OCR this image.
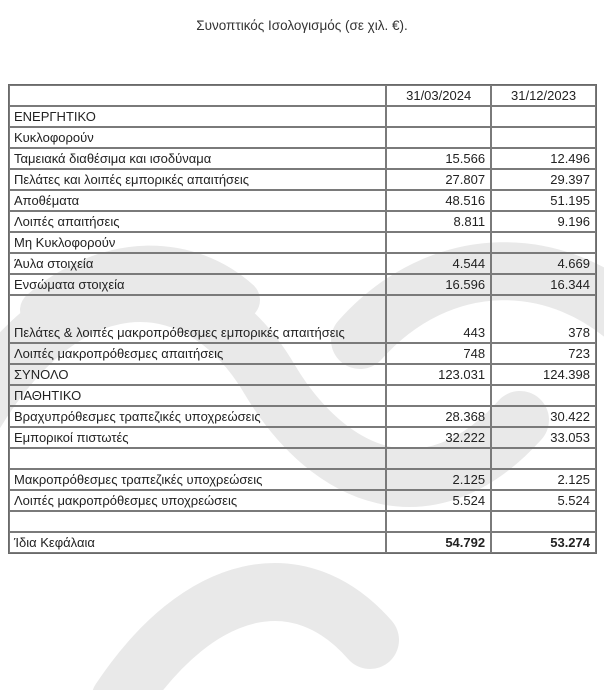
Συνοπτικός Ισολογισμός (σε χιλ. €).
	31/03/2024	31/12/2023
ΕΝΕΡΓΗΤΙΚΟ		
Κυκλοφορούν		
Ταμειακά διαθέσιμα και ισοδύναμα	15.566	12.496
Πελάτες και λοιπές εμπορικές απαιτήσεις	27.807	29.397
Αποθέματα	48.516	51.195
Λοιπές απαιτήσεις	8.811	9.196
Μη Κυκλοφορούν		
Άυλα στοιχεία	4.544	4.669
Ενσώματα στοιχεία	16.596	16.344
Πελάτες & λοιπές μακροπρόθεσμες εμπορικές απαιτήσεις	443	378
Λοιπές μακροπρόθεσμες απαιτήσεις	748	723
ΣΥΝΟΛΟ	123.031	124.398
ΠΑΘΗΤΙΚΟ		
Βραχυπρόθεσμες τραπεζικές υποχρεώσεις	28.368	30.422
Εμπορικοί πιστωτές	32.222	33.053

Μακροπρόθεσμες τραπεζικές υποχρεώσεις	2.125	2.125
Λοιπές μακροπρόθεσμες υποχρεώσεις	5.524	5.524

Ίδια Κεφάλαια	54.792	53.274
